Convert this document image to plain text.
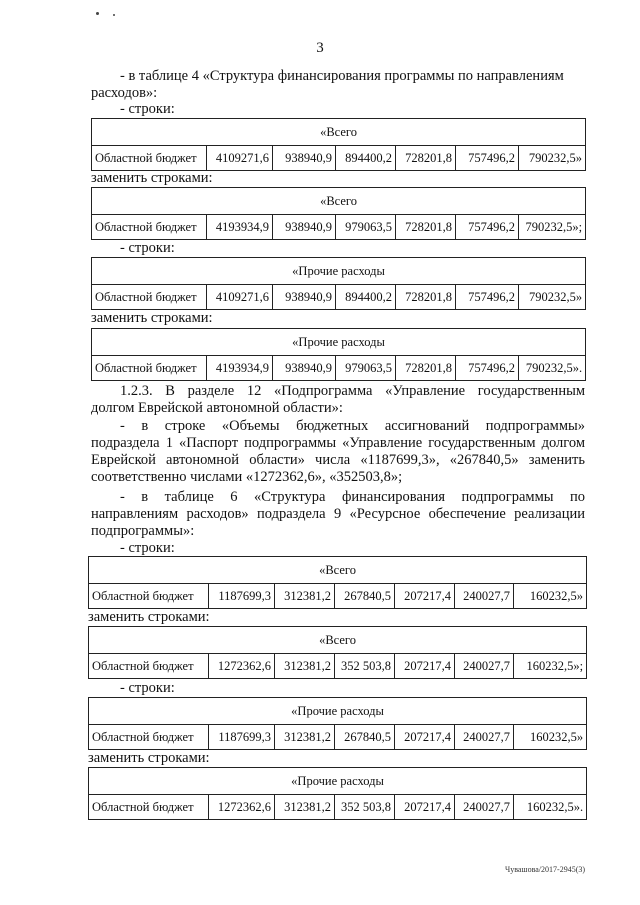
3
- в таблице 4 «Структура финансирования программы по направлениям
расходов»:
- строки:
«Всего
Областной бюджет	4109271,6	938940,9	894400,2	728201,8	757496,2	790232,5»
заменить строками:
«Всего
Областной бюджет	4193934,9	938940,9	979063,5	728201,8	757496,2	790232,5»;
- строки:
«Прочие расходы
Областной бюджет	4109271,6	938940,9	894400,2	728201,8	757496,2	790232,5»
заменить строками:
«Прочие расходы
Областной бюджет	4193934,9	938940,9	979063,5	728201,8	757496,2	790232,5».
1.2.3. В разделе 12 «Подпрограмма «Управление государственным
долгом Еврейской автономной области»:
- в строке «Объемы бюджетных ассигнований подпрограммы»
подраздела 1 «Паспорт подпрограммы «Управление государственным долгом
Еврейской автономной области» числа «1187699,3», «267840,5» заменить
соответственно числами «1272362,6», «352503,8»;
- в таблице 6 «Структура финансирования подпрограммы по
направлениям расходов» подраздела 9 «Ресурсное обеспечение реализации
подпрограммы»:
- строки:
«Всего
Областной бюджет	1187699,3	312381,2	267840,5	207217,4	240027,7	160232,5»
заменить строками:
«Всего
Областной бюджет	1272362,6	312381,2	352 503,8	207217,4	240027,7	160232,5»;
- строки:
«Прочие расходы
Областной бюджет	1187699,3	312381,2	267840,5	207217,4	240027,7	160232,5»
заменить строками:
«Прочие расходы
Областной бюджет	1272362,6	312381,2	352 503,8	207217,4	240027,7	160232,5».
Чувашова/2017-2945(3)
